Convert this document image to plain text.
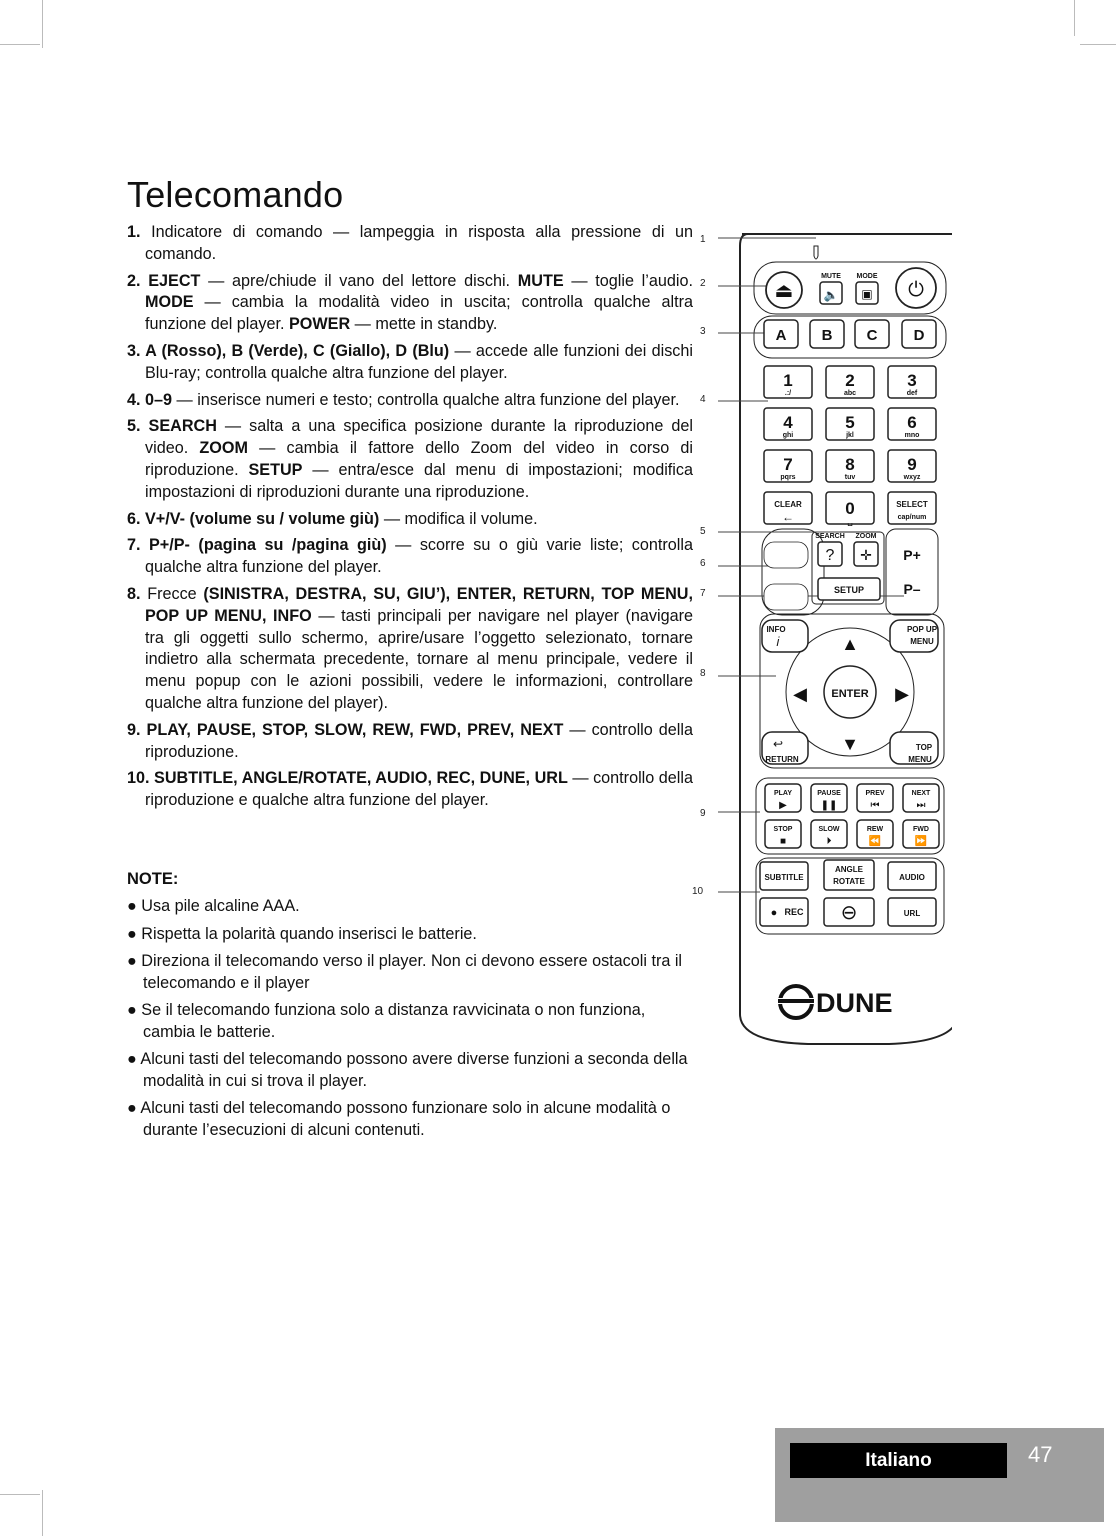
Telecomando
1. Indicatore di comando — lampeggia in risposta alla pressione di un comando.
2. EJECT — apre/chiude il vano del lettore dischi. MUTE — toglie l’audio. MODE — cambia la modalità video in uscita; controlla qualche altra funzione del player. POWER — mette in standby.
3. A (Rosso), B (Verde), C (Giallo), D (Blu) — accede alle funzioni dei dischi Blu-ray; controlla qualche altra funzione del player.
4. 0–9 — inserisce numeri e testo; controlla qualche altra funzione del player.
5. SEARCH — salta a una specifica posizione durante la riproduzione del video. ZOOM — cambia il fattore dello Zoom del video in corso di riproduzione. SETUP — entra/esce dal menu di impostazioni; modifica impostazioni di riproduzioni durante una riproduzione.
6. V+/V- (volume su / volume giù) — modifica il volume.
7. P+/P- (pagina su /pagina giù) — scorre su o giù varie liste; controlla qualche altra funzione del player.
8. Frecce (SINISTRA, DESTRA, SU, GIU’), ENTER, RETURN, TOP MENU, POP UP MENU, INFO — tasti principali per navigare nel player (navigare tra gli oggetti sullo schermo, aprire/usare l’oggetto selezionato, tornare indietro alla schermata precedente, tornare al menu principale, vedere il menu popup con le azioni possibili, vedere le informazioni, controllare qualche altra funzione del player).
9. PLAY, PAUSE, STOP, SLOW, REW, FWD, PREV, NEXT — controllo della riproduzione.
10. SUBTITLE, ANGLE/ROTATE, AUDIO, REC, DUNE, URL — controllo della riproduzione e qualche altra funzione del player.
NOTE:
● Usa pile alcaline AAA.
● Rispetta la polarità quando inserisci le batterie.
● Direziona il telecomando verso il player. Non ci devono essere ostacoli tra il telecomando e il player
● Se il telecomando funziona solo a distanza ravvicinata o non funziona, cambia le batterie.
● Alcuni tasti del telecomando possono avere diverse funzioni a seconda della modalità in cui si trova il player.
● Alcuni tasti del telecomando possono funzionare solo in alcune modalità o durante l’esecuzioni di alcuni contenuti.
1
2
3
4
5
6
7
8
9
10
⏏	🔈
MUTE
▣
MODE
⏻
A B C D
1
.:/
2
abc
3
def
4
ghi
5
jkl
6
mno
7
pqrs
8
tuv
9
wxyz
CLEAR
←	0
␣
SELECT
cap/num
SEARCH ZOOM
? ✛
SETUP
P+
P–
INFO
𝑖
POP UP
MENU
▲
▼
◀	▶
ENTER
↩
RETURN
TOP
MENU
PLAY
▶
PAUSE
❚❚
PREV
⏮
NEXT
⏭
STOP
■
SLOW
⏵
REW
⏪
FWD
⏩
SUBTITLE
ANGLE
ROTATE	AUDIO
● REC ⊖	URL
DUNE
Italiano	47
